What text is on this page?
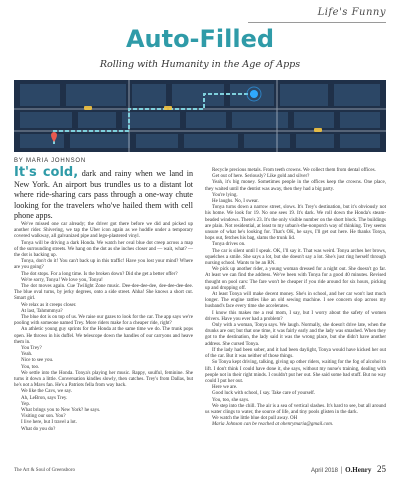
Life's Funny
Auto-Filled
Rolling with Humanity in the Age of Apps
BY MARIA JOHNSON

It's cold, dark and rainy when we land in New York. An airport bus trundles us to a distant lot where ride-sharing cars pass through a one-way chute looking for the travelers who've hailed them with cell phone apps.

We've missed one car already; the driver got there before we did and picked up another rider. Shivering, we tap the Uber icon again as we huddle under a temporary covered walkway, all galvanized pipe and lego-plastered vinyl.

Tonya will be driving a dark Honda. We watch her oval blue dot creep across a map of the surrounding streets. We hang on the dot as she inches closer and — wait, what? — the dot is backing up.

Tonya, don't do it! You can't back up in this traffic! Have you lost your mind? Where are you going?

The dot stops. For a long time. Is the broken down? Did she get a better offer?

We're sorry, Tonya! We love you, Tonya!

The dot moves again. Cue Twilight Zone music. Dee-dee-dee-dee, dee-dee-dee-dee. The blue oval turns, by jerky degrees, onto a side street. Ahha! She knows a short cut. Smart girl.

We relax as it creeps closer.

At last, Tahmmmya?

The blue dot is on top of us. We raise our gazes to look for the car. The app says we're pooling with someone named Trey. More riders make for a cheaper ride, right?

An athletic young guy sprints for the Honda at the same time we do. The trunk pops open. He throws in his duffel. We telescope down the handles of our carryons and heave them in.

You Trey?

Yeah.

Nice to see you.

You, too.

We settle into the Honda. Tonya's playing her music. Rappy, soulful, feminine. She turns it down a little. Conversation kindles slowly, then catches. Trey's from Dallas, but he's not a Mavs fan. He's a Patriots fella from way back.

We like the Cavs, we say.

Ah, LeBron, says Trey.

Yep.

What brings you to New York? he says.

Visiting our son. You?

I live here, but I travel a lot.

What do you do?

Recycle precious metals. From teeth crowns. We collect them from dental offices.

Get out of here. Seriously? Like gold and silver?

Yeah, it's big money. Sometimes people in the offices keep the crowns. One place, they waited until the dentist was away, then they had a big party.

You're lying.

He laughs. No, I swear.

Tonya turns down a narrow street, slows. It's Trey's destination, but it's obviously not his home. We look for 19. No one sees 19. It's dark. We roll down the Honda's steam-beaded windows. There's 23. It's the only visible number on the short block. The buildings are plain. Not residential, at least to my urban's-the-nonporch way of thinking. Trey seems unsure of what he's looking for. That's OK, he says, I'll get out here. He thanks Tonya, hops out, fetches his bag, slams the trunk lid.

Tonya drives on.

The car is silent until I speak. OK, I'll say it. That was weird. Tonya arches her brows, squelches a smile. She says a lot, but she doesn't say a lot. She's just ring herself through nursing school. Wants to be an RN.

We pick up another rider, a young woman dressed for a night out. She doesn't go far. At least we can find the address. We've been with Tonya for a good 40 minutes. Revised thought on pool cars: The fare won't be cheaper if you ride around for six hours, picking up and dropping off.

At least Tonya will make decent money. She's in school, and her car won't last much longer. The engine rattles like an old sewing machine. I see concern slop across my husband's face every time she accelerates.

I know this makes me a real mom, I say, but I worry about the safety of women drivers. Have you ever had a problem?

Only with a woman, Tonya says. We laugh. Normally, she doesn't drive late, when the drunks are out; but that one time, it was fairly early and the lady was smashed. When they got to the destination, the lady said it was the wrong place, but she didn't have another address. She cursed Tonya.

If the lady had been sober, and it had been daylight, Tonya would have kicked her out of the car. But it was neither of those things.

So Tonya kept driving, talking, giving up other riders, waiting for the fog of alcohol to lift. I don't think I could have done it, she says, without my nurse's training, dealing with people not in their right minds. I couldn't put her out. She said some bad stuff. But no way could I put her out.

Here we are.

Good luck with school, I say. Take care of yourself.

You, too, she says.

We step into the chill. The air is a sea of vertical slashes. It's hard to see, but all around us water clings to water, the source of life, and tiny pools glisten in the dark.

We watch the little blue dot pull away. OH

Maria Johnson can be reached at ohenrymaria@gmail.com.

The Art & Soul of Greensboro	April 2018 │ O.Henry 25
